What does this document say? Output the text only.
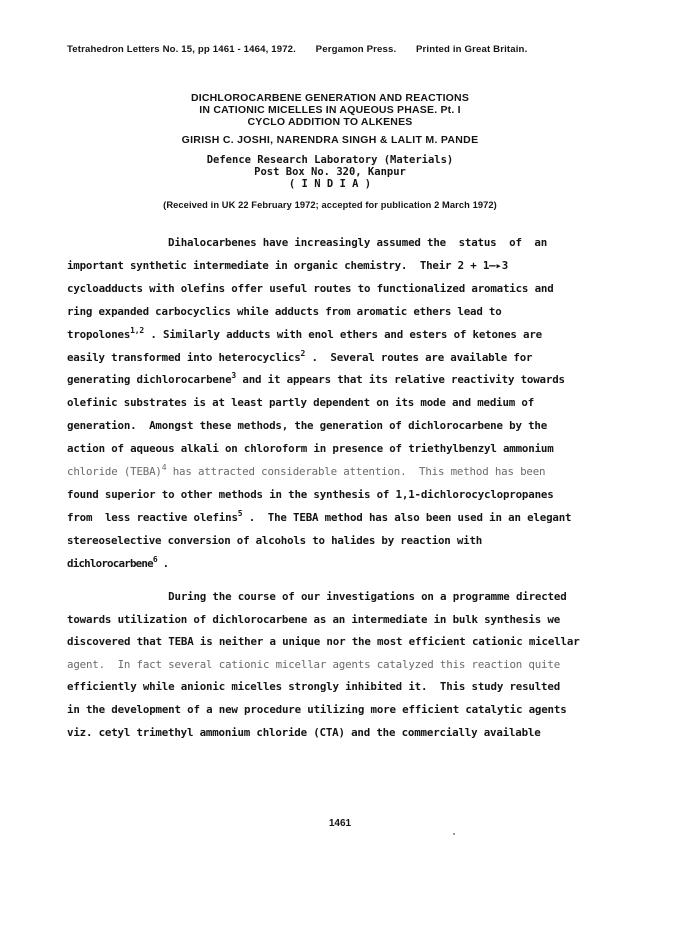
Tetrahedron Letters No. 15, pp 1461 - 1464, 1972. Pergamon Press. Printed in Great Britain.
DICHLOROCARBENE GENERATION AND REACTIONS
IN CATIONIC MICELLES IN AQUEOUS PHASE. Pt. I
CYCLO ADDITION TO ALKENES
GIRISH C. JOSHI, NARENDRA SINGH & LALIT M. PANDE
Defence Research Laboratory (Materials)
Post Box No. 320, Kanpur
( I N D I A )
(Received in UK 22 February 1972; accepted for publication 2 March 1972)
Dihalocarbenes have increasingly assumed the  status  of  an
important synthetic intermediate in organic chemistry.  Their 2 + 1—▸3
cycloadducts with olefins offer useful routes to functionalized aromatics and
ring expanded carbocyclics while adducts from aromatic ethers lead to
tropolones$^{1,2}$ . Similarly adducts with enol ethers and esters of ketones are
easily transformed into heterocyclics$^2$ .  Several routes are available for
generating dichlorocarbene$^3$ and it appears that its relative reactivity towards
olefinic substrates is at least partly dependent on its mode and medium of
generation.  Amongst these methods, the generation of dichlorocarbene by the
action of aqueous alkali on chloroform in presence of triethylbenzyl ammonium
chloride (TEBA)$^4$ has attracted considerable attention.  This method has been
found superior to other methods in the synthesis of 1,1-dichlorocyclopropanes
from  less reactive olefins$^5$ .  The TEBA method has also been used in an elegant
stereoselective conversion of alcohols to halides by reaction with
dichlorocarbene$^6$ .
During the course of our investigations on a programme directed
towards utilization of dichlorocarbene as an intermediate in bulk synthesis we
discovered that TEBA is neither a unique nor the most efficient cationic micellar
agent.  In fact several cationic micellar agents catalyzed this reaction quite
efficiently while anionic micelles strongly inhibited it.  This study resulted
in the development of a new procedure utilizing more efficient catalytic agents
viz. cetyl trimethyl ammonium chloride (CTA) and the commercially available
1461
